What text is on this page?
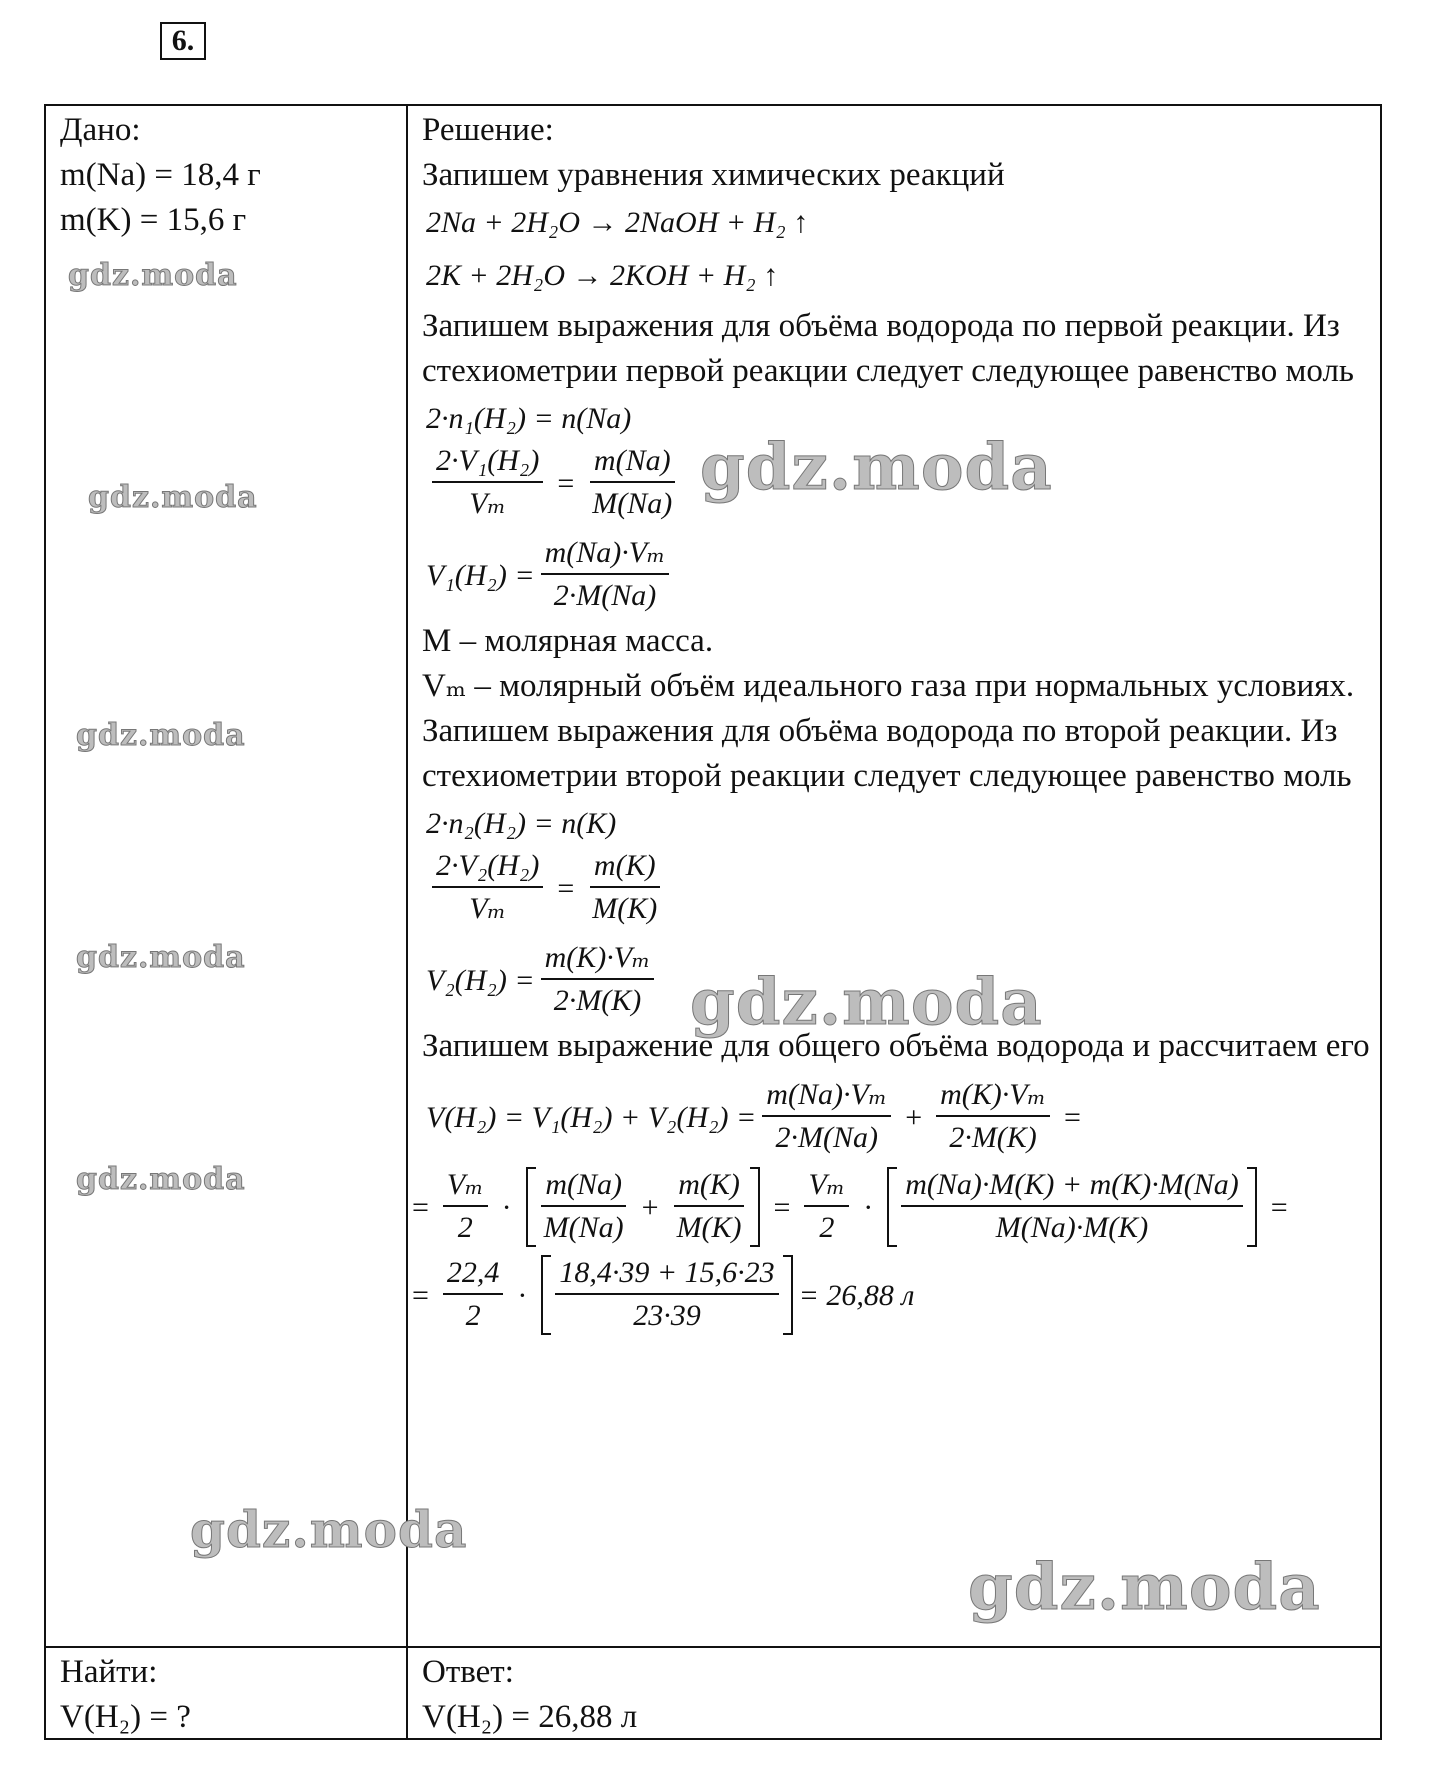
6.
Дано:
m(Na) = 18,4 г
m(K) = 15,6 г
Решение:
Запишем уравнения химических реакций
2Na + 2H₂O → 2NaOH + H₂ ↑
2K + 2H₂O → 2KOH + H₂ ↑
Запишем выражения для объёма водорода по первой реакции. Из стехиометрии первой реакции следует следующее равенство моль
2·n₁(H₂) = n(Na)
$\frac{\text{2·V₁(H₂)}}{\text{Vₘ}} = \frac{m(Na)}{M(Na)}$
$V_1(H_2) = \frac{\text{m(Na)·Vₘ}}{2\cdot M(Na)}$
M – молярная масса.
Vₘ – молярный объём идеального газа при нормальных условиях.
Запишем выражения для объёма водорода по второй реакции. Из стехиометрии второй реакции следует следующее равенство моль
2·n₂(H₂) = n(K)
$\frac{\text{2·V₂(H₂)}}{\text{Vₘ}} = \frac{m(K)}{M(K)}$
$V_2(H_2) = \frac{\text{m(K)·Vₘ}}{2\cdot M(K)}$
Запишем выражение для общего объёма водорода и рассчитаем его
$V(H_2) = V_1(H_2) + V_2(H_2) = \frac{\text{m(Na)·Vₘ}}{2\cdot M(Na)} + \frac{\text{m(K)·Vₘ}}{2\cdot M(K)}$ =
= $\frac{\text{Vₘ}}{2} \cdot \frac{m(Na)}{M(Na)} + \frac{m(K)}{M(K)} = \frac{\text{Vₘ}}{2} \cdot \frac{m(Na)\cdot M(K) + m(K)\cdot M(Na)}{M(Na)\cdot M(K)}$ =
= $\frac{22,4}{2} \cdot \frac{18,4\cdot 39 + 15,6\cdot 23}{23\cdot 39} = 26,88$ л
Найти:
V(H₂) = ?
Ответ:
V(H₂) = 26,88 л
gdz.moda
gdz.moda
gdz.moda
gdz.moda
gdz.moda
gdz.moda
gdz.moda
gdz.moda
gdz.moda
